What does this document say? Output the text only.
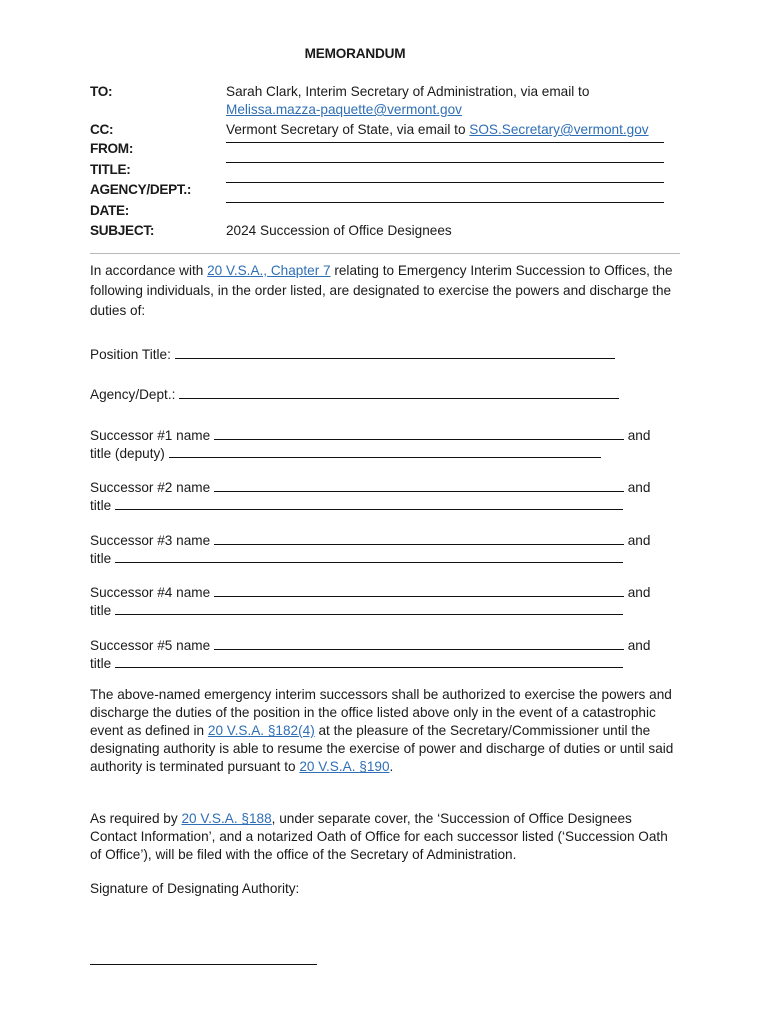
MEMORANDUM
TO:	Sarah Clark, Interim Secretary of Administration, via email to
Melissa.mazza-paquette@vermont.gov
CC:	Vermont Secretary of State, via email to SOS.Secretary@vermont.gov
FROM:
TITLE:
AGENCY/DEPT.:
DATE:
SUBJECT:	2024 Succession of Office Designees
In accordance with 20 V.S.A., Chapter 7 relating to Emergency Interim Succession to Offices, the following individuals, in the order listed, are designated to exercise the powers and discharge the duties of:
Position Title:
Agency/Dept.:
Successor #1 name	and
title (deputy)
Successor #2 name	and
title
Successor #3 name	and
title
Successor #4 name	and
title
Successor #5 name	and
title
The above-named emergency interim successors shall be authorized to exercise the powers and discharge the duties of the position in the office listed above only in the event of a catastrophic event as defined in 20 V.S.A. §182(4) at the pleasure of the Secretary/Commissioner until the designating authority is able to resume the exercise of power and discharge of duties or until said authority is terminated pursuant to 20 V.S.A. §190.
As required by 20 V.S.A. §188, under separate cover, the ‘Succession of Office Designees Contact Information’, and a notarized Oath of Office for each successor listed (‘Succession Oath of Office’), will be filed with the office of the Secretary of Administration.
Signature of Designating Authority:
